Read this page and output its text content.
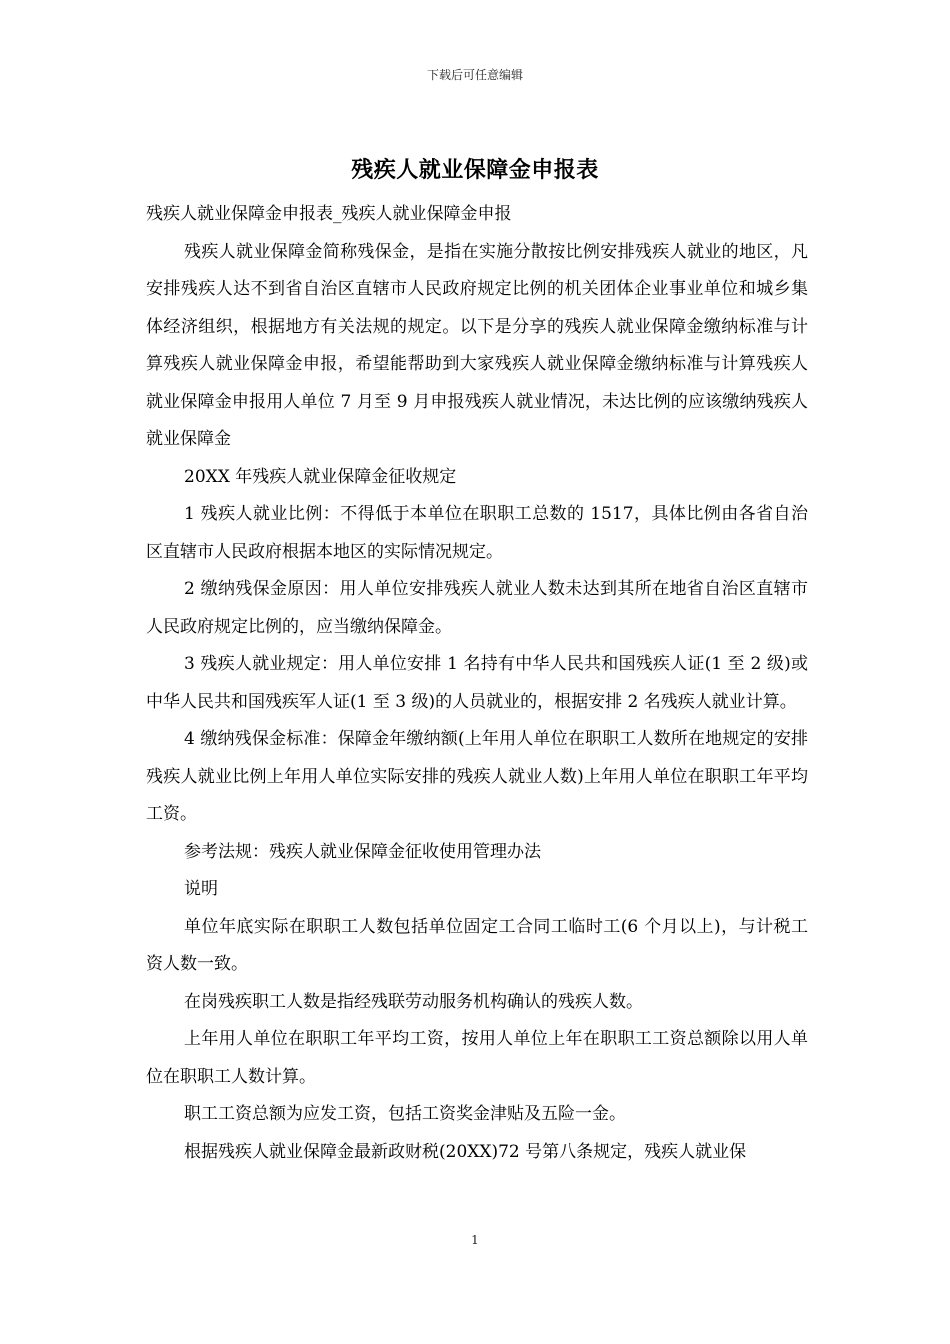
下载后可任意编辑
残疾人就业保障金申报表

残疾人就业保障金申报表_残疾人就业保障金申报

残疾人就业保障金简称残保金，是指在实施分散按比例安排残疾人就业的地区，凡安排残疾人达不到省自治区直辖市人民政府规定比例的机关团体企业事业单位和城乡集体经济组织，根据地方有关法规的规定。以下是分享的残疾人就业保障金缴纳标准与计算残疾人就业保障金申报，希望能帮助到大家残疾人就业保障金缴纳标准与计算残疾人就业保障金申报用人单位 7 月至 9 月申报残疾人就业情况，未达比例的应该缴纳残疾人就业保障金

20XX 年残疾人就业保障金征收规定

1 残疾人就业比例：不得低于本单位在职职工总数的 1517，具体比例由各省自治区直辖市人民政府根据本地区的实际情况规定。

2 缴纳残保金原因：用人单位安排残疾人就业人数未达到其所在地省自治区直辖市人民政府规定比例的，应当缴纳保障金。

3 残疾人就业规定：用人单位安排 1 名持有中华人民共和国残疾人证(1 至 2 级)或中华人民共和国残疾军人证(1 至 3 级)的人员就业的，根据安排 2 名残疾人就业计算。

4 缴纳残保金标准：保障金年缴纳额(上年用人单位在职职工人数所在地规定的安排残疾人就业比例上年用人单位实际安排的残疾人就业人数)上年用人单位在职职工年平均工资。

参考法规：残疾人就业保障金征收使用管理办法

说明

单位年底实际在职职工人数包括单位固定工合同工临时工(6 个月以上)，与计税工资人数一致。

在岗残疾职工人数是指经残联劳动服务机构确认的残疾人数。

上年用人单位在职职工年平均工资，按用人单位上年在职职工工资总额除以用人单位在职职工人数计算。

职工工资总额为应发工资，包括工资奖金津贴及五险一金。

根据残疾人就业保障金最新政财税(20XX)72 号第八条规定，残疾人就业保

1
